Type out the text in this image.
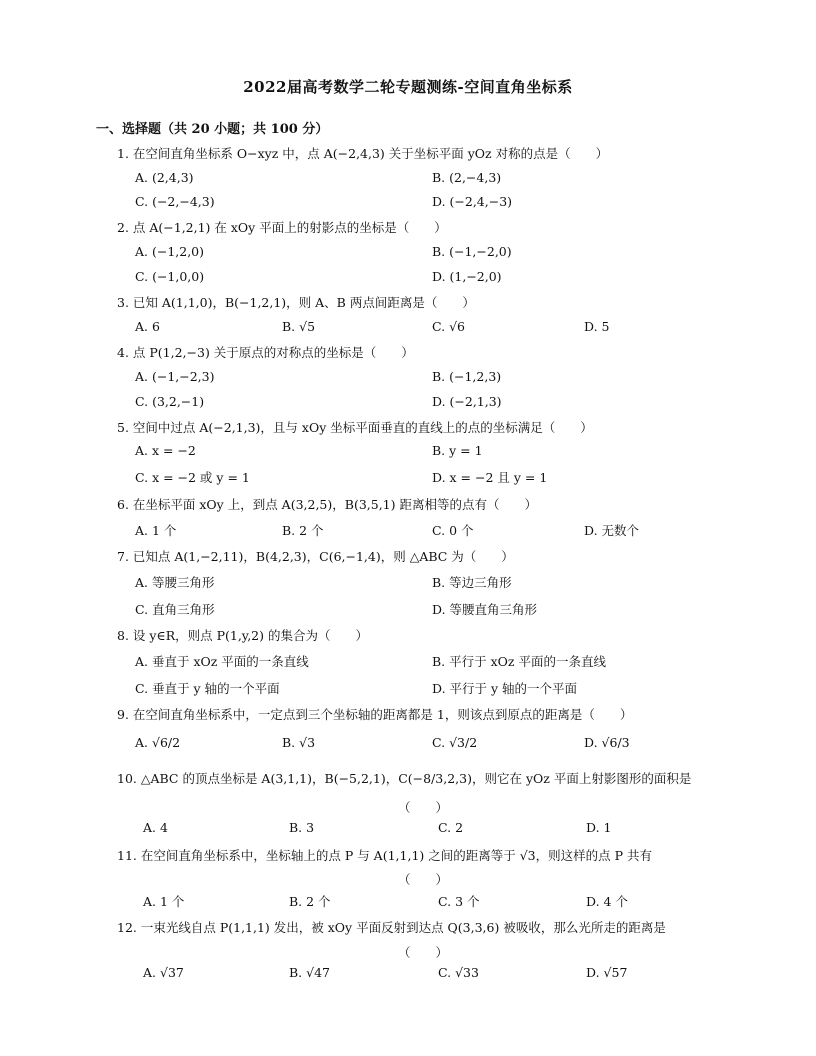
2022届高考数学二轮专题测练-空间直角坐标系
一、选择题（共 20 小题；共 100 分）
1. 在空间直角坐标系 O−xyz 中，点 A(−2,4,3) 关于坐标平面 yOz 对称的点是（　　）
A. (2,4,3)	B. (2,−4,3)
C. (−2,−4,3)	D. (−2,4,−3)
2. 点 A(−1,2,1) 在 xOy 平面上的射影点的坐标是（　　）
A. (−1,2,0)	B. (−1,−2,0)
C. (−1,0,0)	D. (1,−2,0)
3. 已知 A(1,1,0)，B(−1,2,1)，则 A、B 两点间距离是（　　）
A. 6	B. √5	C. √6	D. 5
4. 点 P(1,2,−3) 关于原点的对称点的坐标是（　　）
A. (−1,−2,3)	B. (−1,2,3)
C. (3,2,−1)	D. (−2,1,3)
5. 空间中过点 A(−2,1,3)，且与 xOy 坐标平面垂直的直线上的点的坐标满足（　　）
A. x = −2	B. y = 1
C. x = −2 或 y = 1	D. x = −2 且 y = 1
6. 在坐标平面 xOy 上，到点 A(3,2,5)，B(3,5,1) 距离相等的点有（　　）
A. 1 个	B. 2 个	C. 0 个	D. 无数个
7. 已知点 A(1,−2,11)，B(4,2,3)，C(6,−1,4)，则 △ABC 为（　　）
A. 等腰三角形	B. 等边三角形
C. 直角三角形	D. 等腰直角三角形
8. 设 y∈R，则点 P(1,y,2) 的集合为（　　）
A. 垂直于 xOz 平面的一条直线	B. 平行于 xOz 平面的一条直线
C. 垂直于 y 轴的一个平面	D. 平行于 y 轴的一个平面
9. 在空间直角坐标系中，一定点到三个坐标轴的距离都是 1，则该点到原点的距离是（　　）
A. √6/2	B. √3	C. √3/2	D. √6/3
10. △ABC 的顶点坐标是 A(3,1,1)，B(−5,2,1)，C(−8/3,2,3)，则它在 yOz 平面上射影图形的面积是
（　　）
A. 4	B. 3	C. 2	D. 1
11. 在空间直角坐标系中，坐标轴上的点 P 与 A(1,1,1) 之间的距离等于 √3，则这样的点 P 共有
（　　）
A. 1 个	B. 2 个	C. 3 个	D. 4 个
12. 一束光线自点 P(1,1,1) 发出，被 xOy 平面反射到达点 Q(3,3,6) 被吸收，那么光所走的距离是
（　　）
A. √37	B. √47	C. √33	D. √57
